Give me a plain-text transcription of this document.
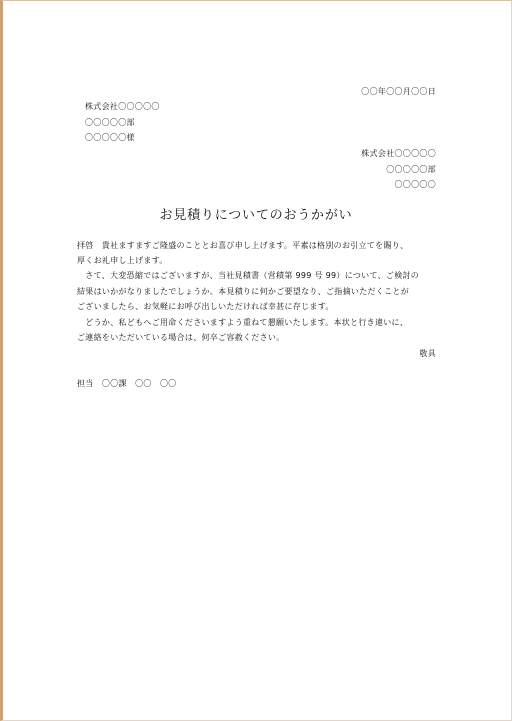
〇〇年〇〇月〇〇日
株式会社〇〇〇〇〇
〇〇〇〇〇部
〇〇〇〇〇様
株式会社〇〇〇〇〇
〇〇〇〇〇部
〇〇〇〇〇
お見積りについてのおうかがい
拝啓　貴社ますますご隆盛のこととお喜び申し上げます。平素は格別のお引立てを賜り、
厚くお礼申し上げます。
　さて、大変恐縮ではございますが、当社見積書（営積第 999 号 99）について、ご検討の
結果はいかがなりましたでしょうか。本見積りに何かご要望なり、ご指摘いただくことが
ございましたら、お気軽にお呼び出しいただければ幸甚に存じます。
　どうか、私どもへご用命くださいますよう重ねて懇願いたします。本状と行き違いに、
ご連絡をいただいている場合は、何卒ご容赦ください。
敬具
担当　〇〇課　〇〇　〇〇
